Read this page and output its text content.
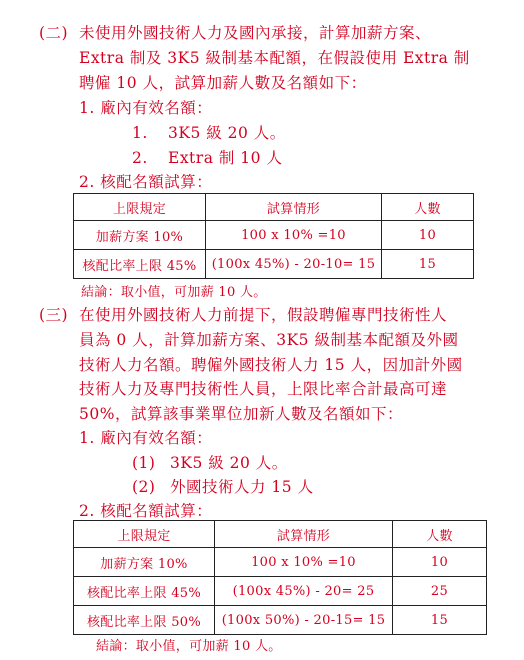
(二) 未使用外國技術人力及國內承接，計算加薪方案、
Extra 制及 3K5 級制基本配額，在假設使用 Extra 制
聘僱 10 人，試算加薪人數及名額如下：
1. 廠內有效名額：
1. 3K5 級 20 人。
2. Extra 制 10 人
2. 核配名額試算：
上限規定	試算情形	人數
加薪方案 10%	100 x 10% =10	10
核配比率上限 45%	(100x 45%) - 20-10= 15	15
結論：取小值，可加薪 10 人。
(三) 在使用外國技術人力前提下，假設聘僱專門技術性人
員為 0 人，計算加薪方案、3K5 級制基本配額及外國
技術人力名額。聘僱外國技術人力 15 人，因加計外國
技術人力及專門技術性人員，上限比率合計最高可達
50%，試算該事業單位加新人數及名額如下：
1. 廠內有效名額：
(1) 3K5 級 20 人。
(2) 外國技術人力 15 人
2. 核配名額試算：
上限規定	試算情形	人數
加薪方案 10%	100 x 10% =10	10
核配比率上限 45%	(100x 45%) - 20= 25	25
核配比率上限 50%	(100x 50%) - 20-15= 15	15
結論：取小值，可加薪 10 人。
